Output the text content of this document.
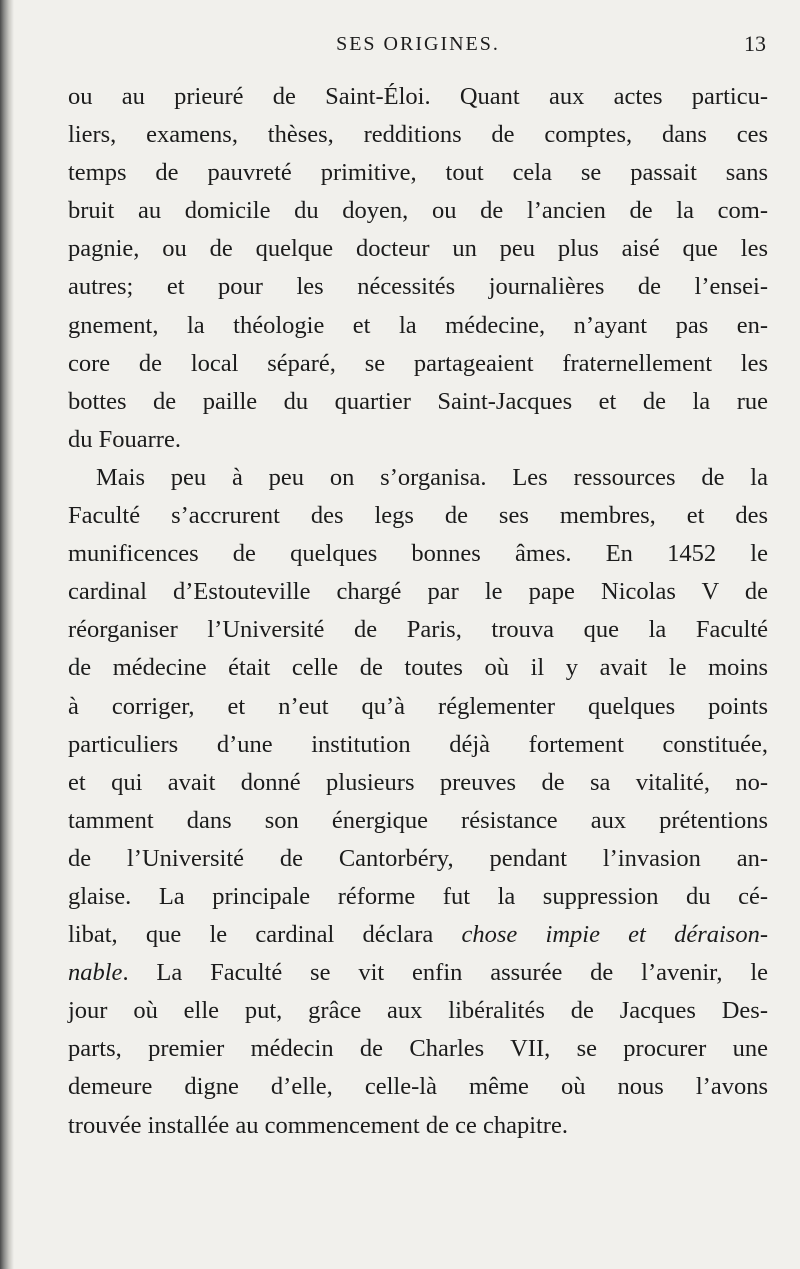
SES ORIGINES.	13
ou au prieuré de Saint-Éloi. Quant aux actes particu-
liers, examens, thèses, redditions de comptes, dans ces
temps de pauvreté primitive, tout cela se passait sans
bruit au domicile du doyen, ou de l’ancien de la com-
pagnie, ou de quelque docteur un peu plus aisé que les
autres; et pour les nécessités journalières de l’ensei-
gnement, la théologie et la médecine, n’ayant pas en-
core de local séparé, se partageaient fraternellement les
bottes de paille du quartier Saint-Jacques et de la rue
du Fouarre.
Mais peu à peu on s’organisa. Les ressources de la
Faculté s’accrurent des legs de ses membres, et des
munificences de quelques bonnes âmes. En 1452 le
cardinal d’Estouteville chargé par le pape Nicolas V de
réorganiser l’Université de Paris, trouva que la Faculté
de médecine était celle de toutes où il y avait le moins
à corriger, et n’eut qu’à réglementer quelques points
particuliers d’une institution déjà fortement constituée,
et qui avait donné plusieurs preuves de sa vitalité, no-
tamment dans son énergique résistance aux prétentions
de l’Université de Cantorbéry, pendant l’invasion an-
glaise. La principale réforme fut la suppression du cé-
libat, que le cardinal déclara chose impie et déraison-
nable. La Faculté se vit enfin assurée de l’avenir, le
jour où elle put, grâce aux libéralités de Jacques Des-
parts, premier médecin de Charles VII, se procurer une
demeure digne d’elle, celle-là même où nous l’avons
trouvée installée au commencement de ce chapitre.
